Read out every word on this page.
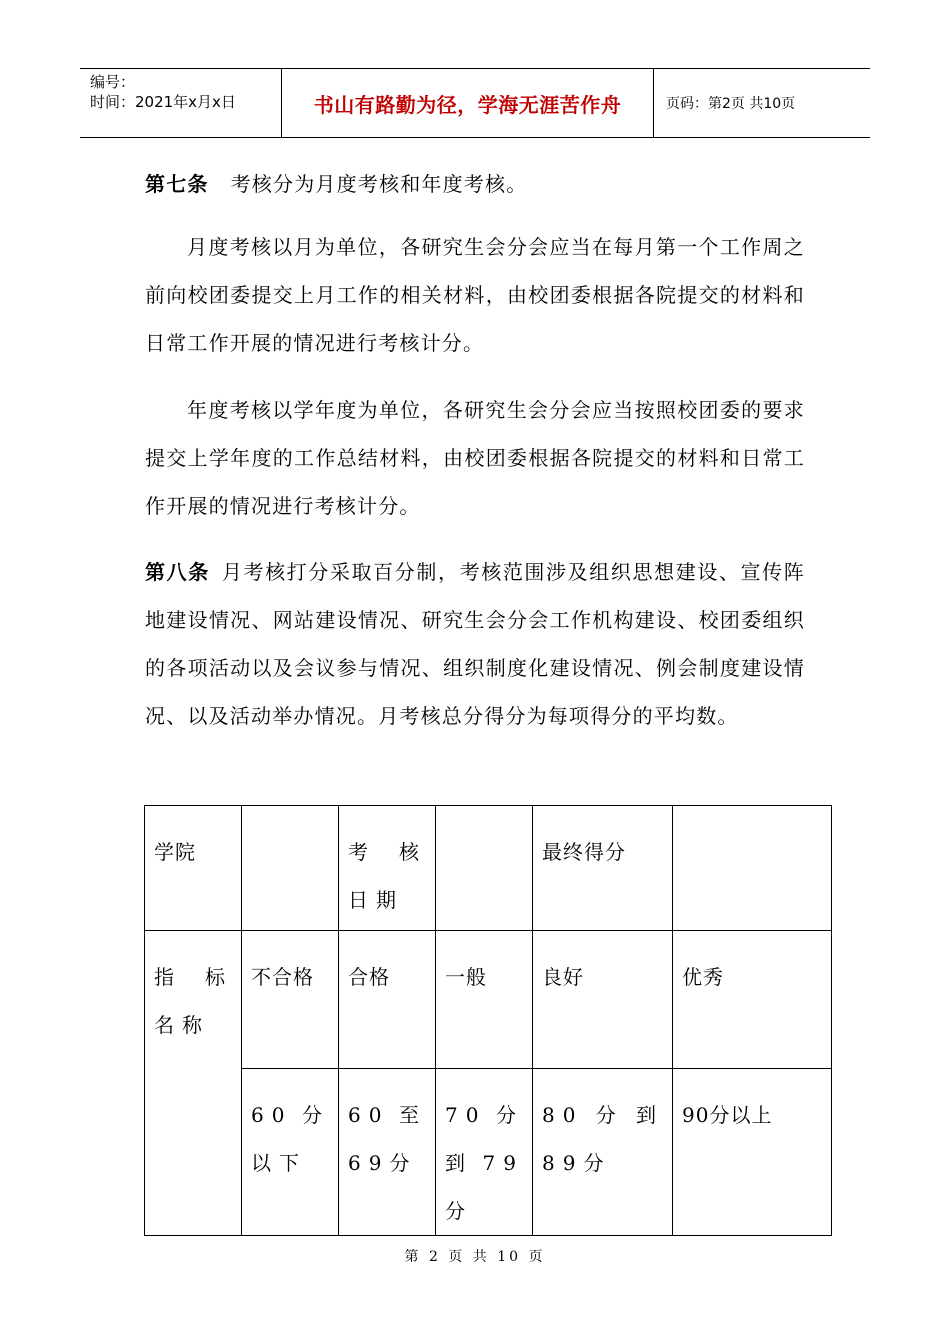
编号：
时间：2021年x月x日	书山有路勤为径，学海无涯苦作舟	页码：第2页 共10页
第七条 考核分为月度考核和年度考核。
月度考核以月为单位，各研究生会分会应当在每月第一个工作周之前向校团委提交上月工作的相关材料，由校团委根据各院提交的材料和日常工作开展的情况进行考核计分。
年度考核以学年度为单位，各研究生会分会应当按照校团委的要求提交上学年度的工作总结材料，由校团委根据各院提交的材料和日常工作开展的情况进行考核计分。
第八条 月考核打分采取百分制，考核范围涉及组织思想建设、宣传阵地建设情况、网站建设情况、研究生会分会工作机构建设、校团委组织的各项活动以及会议参与情况、组织制度化建设情况、例会制度建设情况、以及活动举办情况。月考核总分得分为每项得分的平均数。
学院		考核日期		最终得分	
指标名称	不合格	合格	一般	良好	优秀
	60分以下	60至69分	70分到79分	80分到89分	90分以上
第 2 页 共 10 页
